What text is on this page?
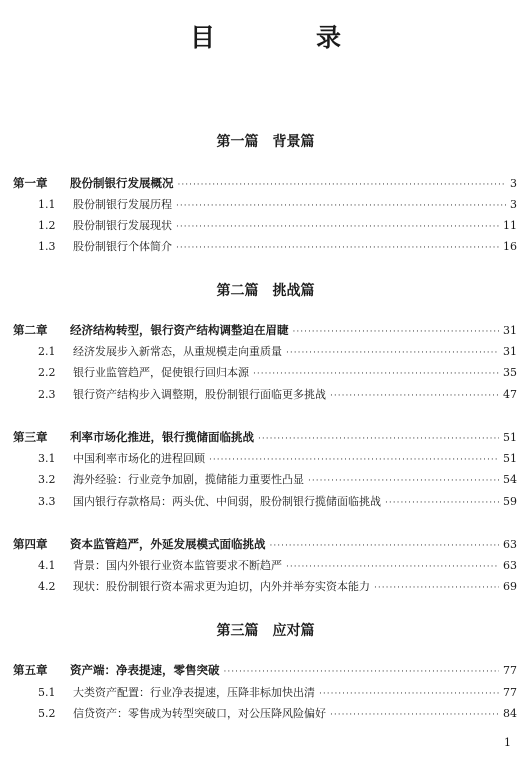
目　录
第一篇 背景篇
第一章	股份制银行发展概况 ·····	3
1.1	股份制银行发展历程 ·····	3
1.2	股份制银行发展现状 ·····	11
1.3	股份制银行个体简介 ·····	16
第二篇 挑战篇
第二章	经济结构转型，银行资产结构调整迫在眉睫 ·····	31
2.1	经济发展步入新常态，从重规模走向重质量 ·····	31
2.2	银行业监管趋严，促使银行回归本源 ·····	35
2.3	银行资产结构步入调整期，股份制银行面临更多挑战 ·····	47
第三章	利率市场化推进，银行揽储面临挑战 ·····	51
3.1	中国利率市场化的进程回顾 ·····	51
3.2	海外经验：行业竞争加剧，揽储能力重要性凸显 ·····	54
3.3	国内银行存款格局：两头优、中间弱，股份制银行揽储面临挑战 ·····	59
第四章	资本监管趋严，外延发展模式面临挑战 ·····	63
4.1	背景：国内外银行业资本监管要求不断趋严 ·····	63
4.2	现状：股份制银行资本需求更为迫切，内外并举夯实资本能力 ·····	69
第三篇 应对篇
第五章	资产端：净表提速，零售突破 ·····	77
5.1	大类资产配置：行业净表提速，压降非标加快出清 ·····	77
5.2	信贷资产：零售成为转型突破口，对公压降风险偏好 ·····	84
1
